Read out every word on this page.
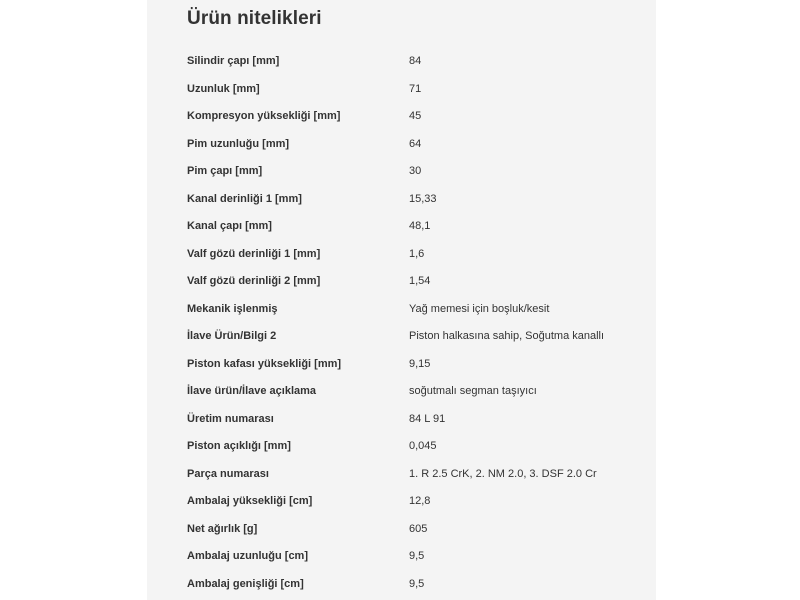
Ürün nitelikleri
Silindir çapı [mm]	84
Uzunluk [mm]	71
Kompresyon yüksekliği [mm]	45
Pim uzunluğu [mm]	64
Pim çapı [mm]	30
Kanal derinliği 1 [mm]	15,33
Kanal çapı [mm]	48,1
Valf gözü derinliği 1 [mm]	1,6
Valf gözü derinliği 2 [mm]	1,54
Mekanik işlenmiş	Yağ memesi için boşluk/kesit
İlave Ürün/Bilgi 2	Piston halkasına sahip, Soğutma kanallı
Piston kafası yüksekliği [mm]	9,15
İlave ürün/İlave açıklama	soğutmalı segman taşıyıcı
Üretim numarası	84 L 91
Piston açıklığı [mm]	0,045
Parça numarası	1. R 2.5 CrK, 2. NM 2.0, 3. DSF 2.0 Cr
Ambalaj yüksekliği [cm]	12,8
Net ağırlık [g]	605
Ambalaj uzunluğu [cm]	9,5
Ambalaj genişliği [cm]	9,5
